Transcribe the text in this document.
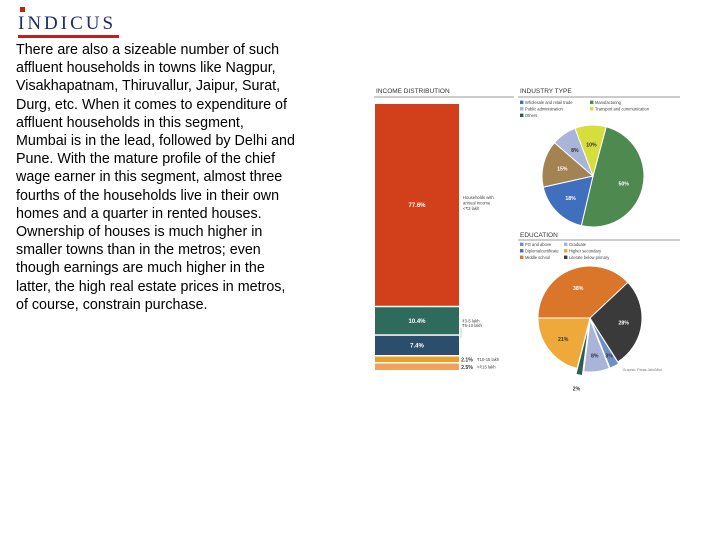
INDICUS
There are also a sizeable number of such affluent households in towns like Nagpur, Visakhapatnam, Thiruvallur, Jaipur, Surat, Durg, etc. When it comes to expenditure of affluent households in this segment, Mumbai is in the lead, followed by Delhi and Pune. With the mature profile of the chief wage earner in this segment, almost three fourths of the households live in their own homes and a quarter in rented houses. Ownership of houses is much higher in smaller towns than in the metros; even though earnings are much higher in the latter, the high real estate prices in metros, of course, constrain purchase.
INCOME DISTRIBUTION
77.6%
10.4%
7.4%
2.1%
2.5%
₹3-5 lakh
₹5-10 lakh
₹10-15 lakh
>₹15 lakh
Households with
annual income
<₹3 lakh
INDUSTRY TYPE
Wholesale and retail trade	Manufacturing
Public administration	Transport and communication
Others
50%
18%
15%
8%
10%
EDUCATION
PG and above	Graduate
Diploma/certificate	Higher secondary
Middle school	Literate below primary
38%
28%
3%
8%
2%
21%
Graphic: Paras Jain/Mint
